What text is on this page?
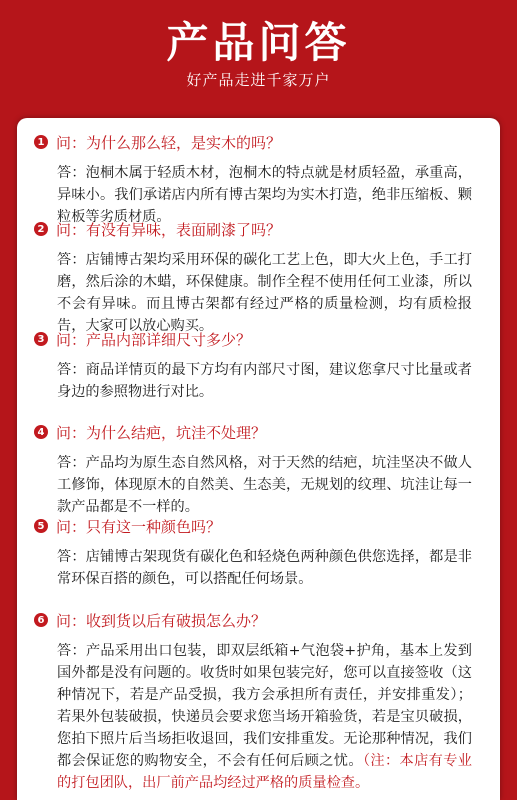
产品问答
好产品走进千家万户
1 问：为什么那么轻，是实木的吗？
答：泡桐木属于轻质木材，泡桐木的特点就是材质轻盈，承重高，异味小。我们承诺店内所有博古架均为实木打造，绝非压缩板、颗粒板等劣质材质。
2 问：有没有异味，表面刷漆了吗？
答：店铺博古架均采用环保的碳化工艺上色，即大火上色，手工打磨，然后涂的木蜡，环保健康。制作全程不使用任何工业漆，所以不会有异味。而且博古架都有经过严格的质量检测，均有质检报告，大家可以放心购买。
3 问：产品内部详细尺寸多少？
答：商品详情页的最下方均有内部尺寸图，建议您拿尺寸比量或者身边的参照物进行对比。
4 问：为什么结疤，坑洼不处理？
答：产品均为原生态自然风格，对于天然的结疤，坑洼坚决不做人工修饰，体现原木的自然美、生态美，无规划的纹理、坑洼让每一款产品都是不一样的。
5 问：只有这一种颜色吗？
答：店铺博古架现货有碳化色和轻烧色两种颜色供您选择，都是非常环保百搭的颜色，可以搭配任何场景。
6 问：收到货以后有破损怎么办？
答：产品采用出口包装，即双层纸箱+气泡袋+护角，基本上发到国外都是没有问题的。收货时如果包装完好，您可以直接签收（这种情况下，若是产品受损，我方会承担所有责任，并安排重发）；若果外包装破损，快递员会要求您当场开箱验货，若是宝贝破损，您拍下照片后当场拒收退回，我们安排重发。无论那种情况，我们都会保证您的购物安全，不会有任何后顾之忧。（注：本店有专业的打包团队，出厂前产品均经过严格的质量检查。
